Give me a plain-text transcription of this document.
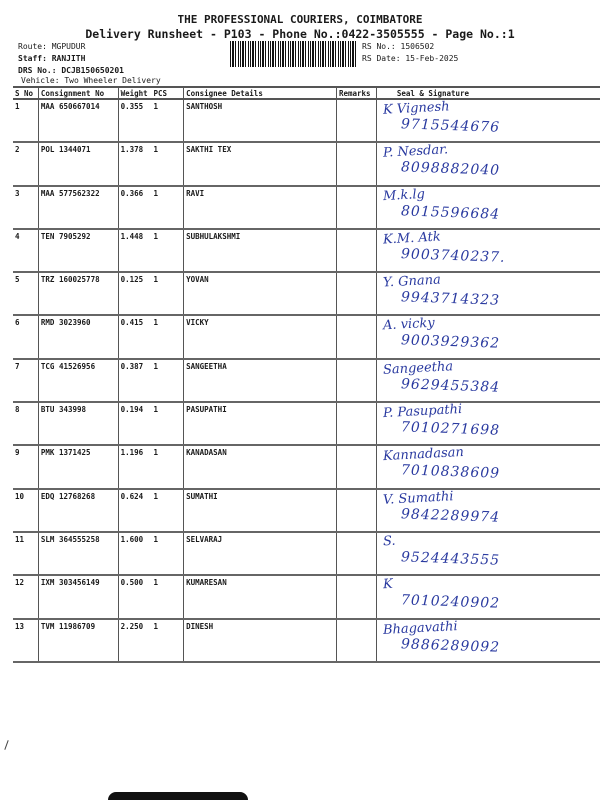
THE PROFESSIONAL COURIERS, COIMBATORE
Delivery Runsheet - P103 - Phone No.:0422-3505555 - Page No.:1
Route: MGPUDUR
Staff: RANJITH
DRS No.: DCJB150650201
Vehicle: Two Wheeler Delivery
RS No.: 1506502
RS Date: 15-Feb-2025
S No	Consignment No	Weight	PCS	Consignee Details	Remarks	Seal & Signature
1	MAA 650667014	0.355	1	SANTHOSH		K Vignesh
9715544676

2	POL 1344071	1.378	1	SAKTHI TEX		P. Nesdar.
8098882040

3	MAA 577562322	0.366	1	RAVI		M.k.lg
8015596684

4	TEN 7905292	1.448	1	SUBHULAKSHMI		K.M. Atk
9003740237.

5	TRZ 160025778	0.125	1	YOVAN		Y. Gnana
9943714323

6	RMD 3023960	0.415	1	VICKY		A. vicky
9003929362

7	TCG 41526956	0.387	1	SANGEETHA		Sangeetha
9629455384

8	BTU 343998	0.194	1	PASUPATHI		P. Pasupathi
7010271698

9	PMK 1371425	1.196	1	KANADASAN		Kannadasan
7010838609

10	EDQ 12768268	0.624	1	SUMATHI		V. Sumathi
9842289974

11	SLM 364555258	1.600	1	SELVARAJ		S.
9524443555

12	IXM 303456149	0.500	1	KUMARESAN		K
7010240902

13	TVM 11986709	2.250	1	DINESH		Bhagavathi
9886289092
